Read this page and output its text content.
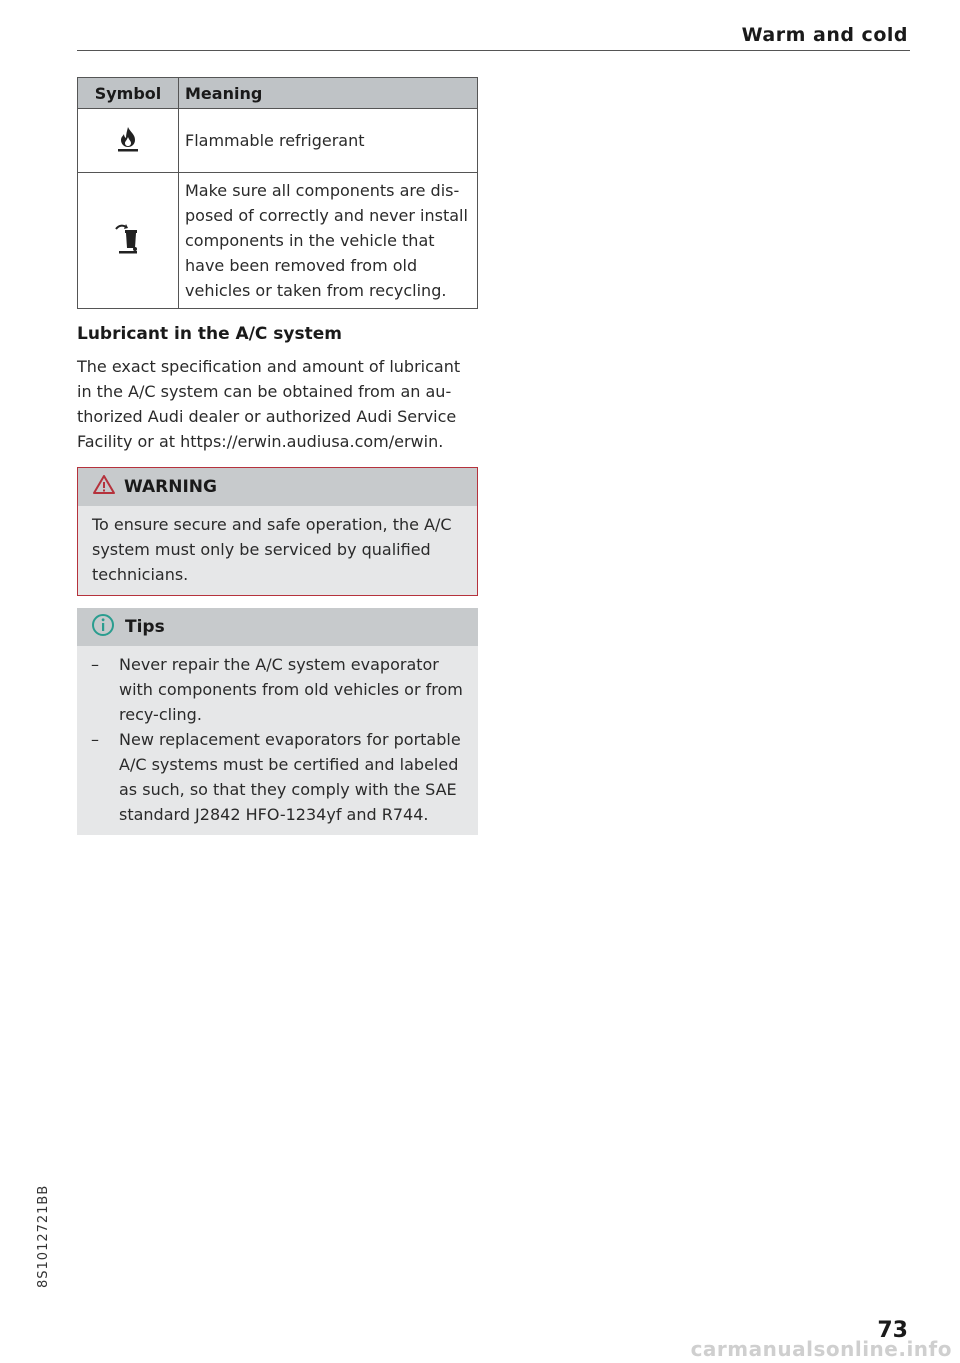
Warm and cold
Symbol	Meaning
	Flammable refrigerant
	Make sure all components are dis-posed of correctly and never install components in the vehicle that have been removed from old vehicles or taken from recycling.
Lubricant in the A/C system

The exact specification and amount of lubricant in the A/C system can be obtained from an au-thorized Audi dealer or authorized Audi Service Facility or at https://erwin.audiusa.com/erwin.

WARNING
To ensure secure and safe operation, the A/C system must only be serviced by qualified technicians.
Tips
– Never repair the A/C system evaporator with components from old vehicles or from recy-cling.
– New replacement evaporators for portable A/C systems must be certified and labeled as such, so that they comply with the SAE standard J2842 HFO-1234yf and R744.
8S1012721BB
73
carmanualsonline.info
